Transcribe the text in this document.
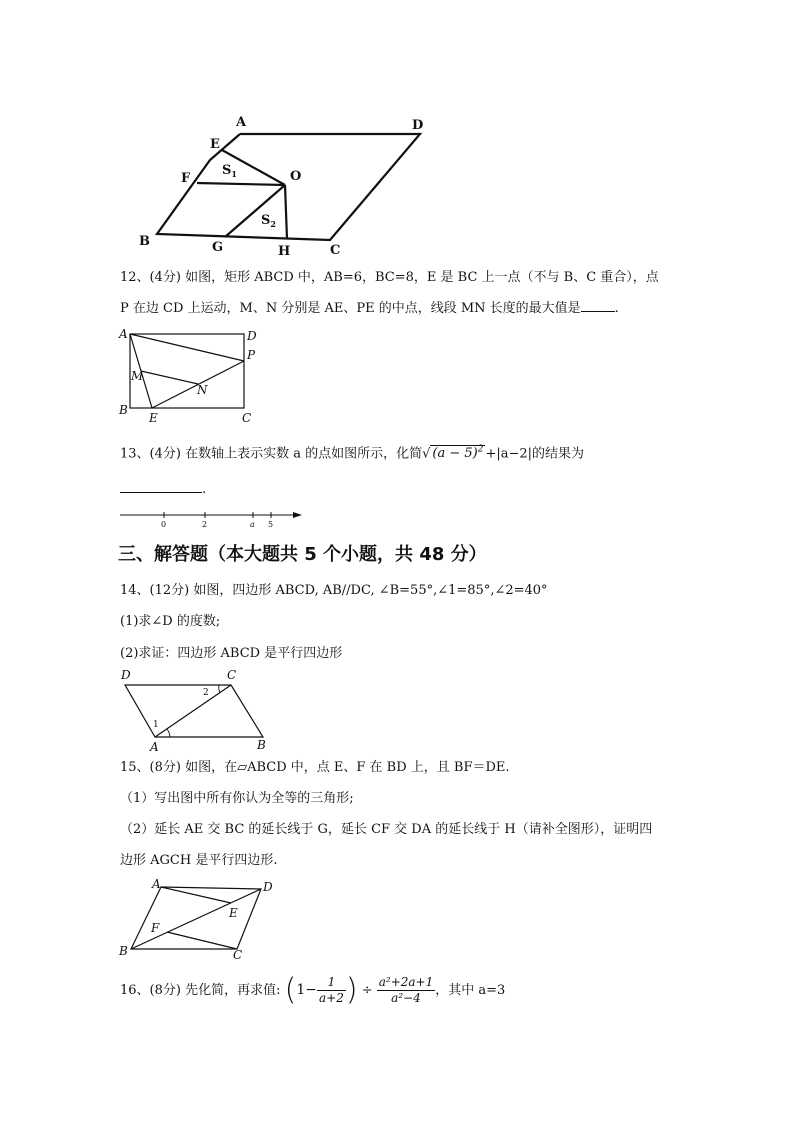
A	D
E
F	O
$S_1$
$S_2$
B	G	H	C
12、(4分) 如图，矩形 ABCD 中，AB=6，BC=8，E 是 BC 上一点（不与 B、C 重合），点
P 在边 CD 上运动，M、N 分别是 AE、PE 的中点，线段 MN 长度的最大值是	.
A	D
P
M
N
B
E	C
13、(4分) 在数轴上表示实数 a 的点如图所示，化简√ $(a - 5)^2 +|a-2|$的结果为
.
0	2	a 5
三、解答题（本大题共 5 个小题，共 48 分）
14、(12分) 如图，四边形 ABCD, AB//DC, ∠B=55°,∠1=85°,∠2=40°
(1)求∠D 的度数;
(2)求证：四边形 ABCD 是平行四边形
D	C
A	B
1
2
15、(8分) 如图，在▱ABCD 中，点 E、F 在 BD 上，且 BF＝DE.
（1）写出图中所有你认为全等的三角形;
（2）延长 AE 交 BC 的延长线于 G，延长 CF 交 DA 的延长线于 H（请补全图形），证明四
边形 AGCH 是平行四边形.
A	D
E
F
B	C
16、(8分) 先化简，再求值: ($1- \frac{1}{a+2}$ ) ÷ $\frac{\text{a²+2a+1}}{\text{a²−4}}$ ，其中 a=3
